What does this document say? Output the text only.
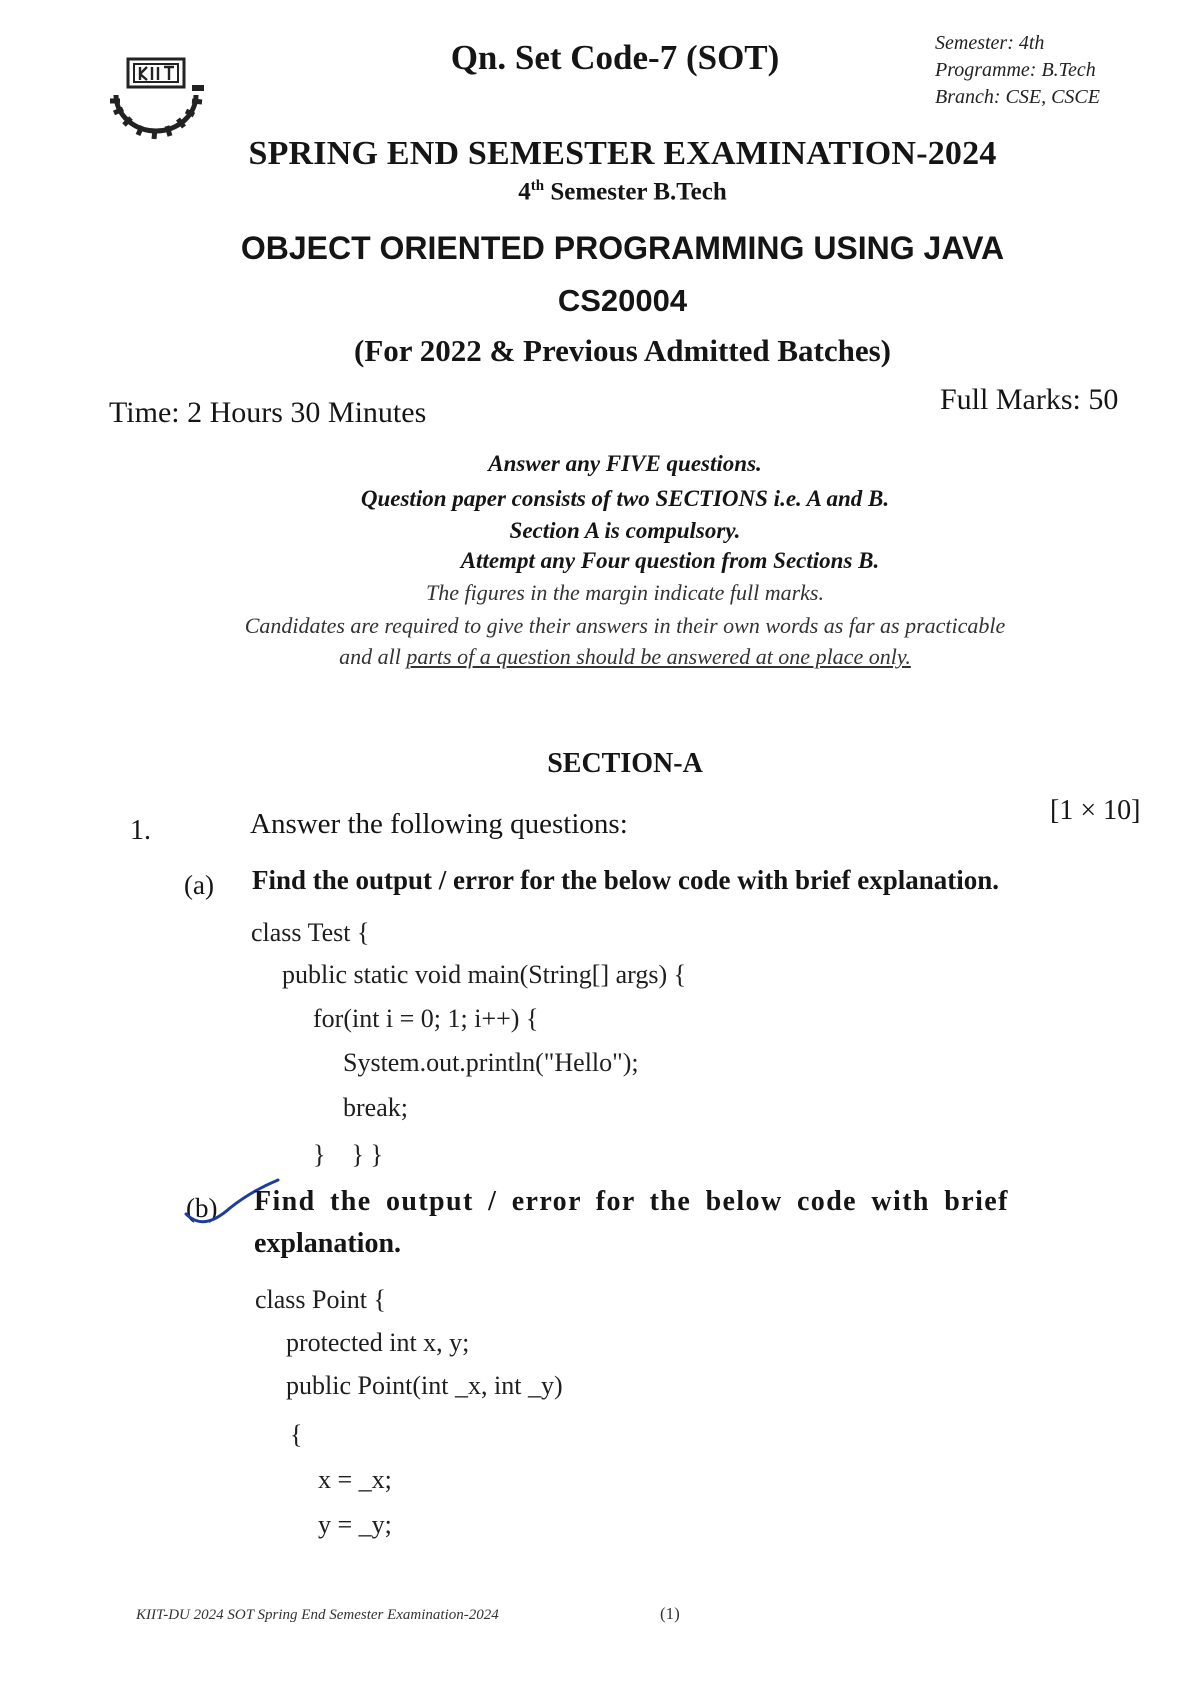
Qn. Set Code-7 (SOT)	Semester: 4th
Programme: B.Tech
Branch: CSE, CSCE
SPRING END SEMESTER EXAMINATION-2024
4th Semester B.Tech
OBJECT ORIENTED PROGRAMMING USING JAVA
CS20004
(For 2022 & Previous Admitted Batches)
Time: 2 Hours 30 Minutes	Full Marks: 50
Answer any FIVE questions.
Question paper consists of two SECTIONS i.e. A and B.
Section A is compulsory.
Attempt any Four question from Sections B.
The figures in the margin indicate full marks.
Candidates are required to give their answers in their own words as far as practicable
and all parts of a question should be answered at one place only.
SECTION-A
1.	Answer the following questions:	[1 × 10]
(a) Find the output / error for the below code with brief explanation.
class Test {
public static void main(String[] args) {
for(int i = 0; 1; i++) {
System.out.println("Hello");
break;
}    } }
(b) Find the output / error for the below code with brief
explanation.
class Point {
protected int x, y;
public Point(int _x, int _y)
{
x = _x;
y = _y;
KIIT-DU 2024 SOT Spring End Semester Examination-2024	(1)
